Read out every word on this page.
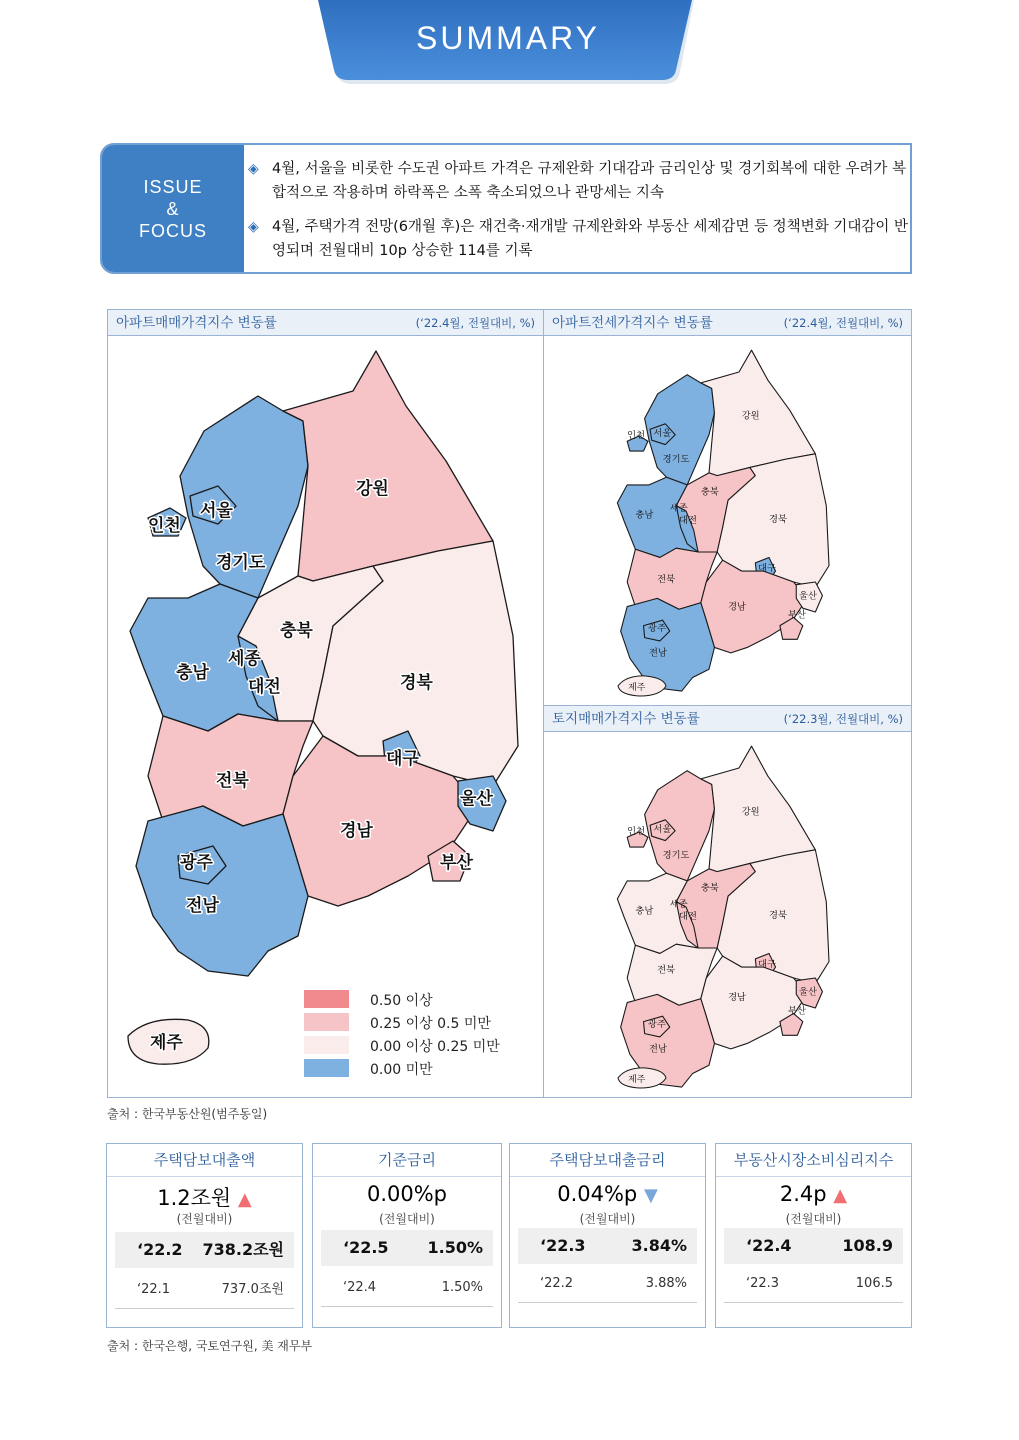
SUMMARY
ISSUE
&
FOCUS
◈ 4월, 서울을 비롯한 수도권 아파트 가격은 규제완화 기대감과 금리인상 및 경기회복에 대한 우려가 복합적으로 작용하며 하락폭은 소폭 축소되었으나 관망세는 지속
◈ 4월, 주택가격 전망(6개월 후)은 재건축·재개발 규제완화와 부동산 세제감면 등 정책변화 기대감이 반영되며 전월대비 10p 상승한 114를 기록
아파트매매가격지수 변동률	(‘22.4월, 전월대비, %)
강원
서울
인천
경기도
충북
충남
세종
대전	경북
대구
전북
울산
경남
부산
광주
전남
제주
0.50 이상
0.25 이상 0.5 미만
0.00 이상 0.25 미만
0.00 미만
아파트전세가격지수 변동률	(‘22.4월, 전월대비, %)
강원
서울
인천
경기도
충북
충남
세종
대전	경북
대구
전북
울산
경남
부산
광주
전남
제주
토지매매가격지수 변동률	(‘22.3월, 전월대비, %)
강원
서울
인천
경기도
충북
충남
세종
대전	경북
대구
전북
울산
경남
부산
광주
전남
제주
출처 : 한국부동산원(범주동일)
주택담보대출액
1.2조원 ▲
(전월대비)
‘22.2 738.2조원
‘22.1	737.0조원
기준금리
0.00%p
(전월대비)
‘22.5 1.50%
‘22.4	1.50%
주택담보대출금리
0.04%p ▼
(전월대비)
‘22.3	3.84%
‘22.2	3.88%
부동산시장소비심리지수
2.4p ▲
(전월대비)
‘22.4	108.9
‘22.3	106.5
출처 : 한국은행, 국토연구원, 美 재무부
